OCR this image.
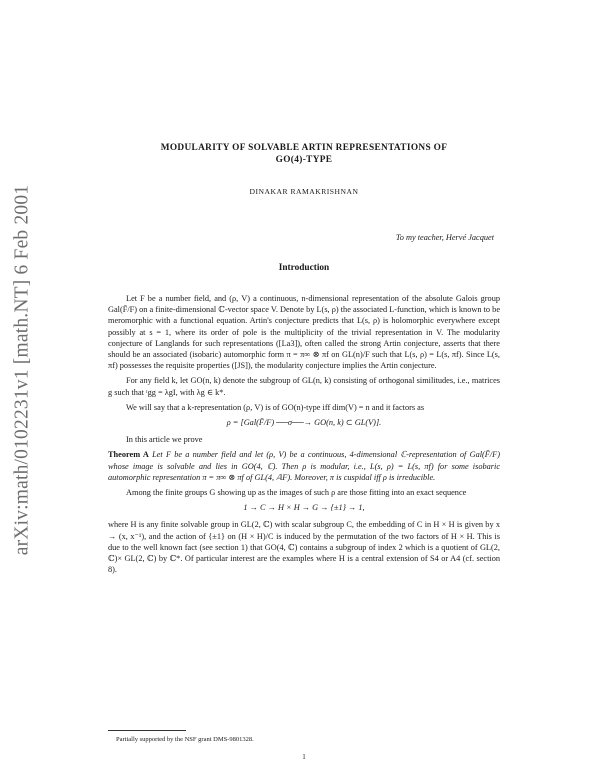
arXiv:math/0102231v1 [math.NT] 6 Feb 2001
MODULARITY OF SOLVABLE ARTIN REPRESENTATIONS OF
GO(4)-TYPE
DINAKAR RAMAKRISHNAN
To my teacher, Hervé Jacquet
Introduction

Let F be a number field, and (ρ, V) a continuous, n-dimensional representation of the absolute Galois group Gal(F̄/F) on a finite-dimensional ℂ-vector space V. Denote by L(s, ρ) the associated L-function, which is known to be meromorphic with a functional equation. Artin's conjecture predicts that L(s, ρ) is holomorphic everywhere except possibly at s = 1, where its order of pole is the multiplicity of the trivial representation in V. The modularity conjecture of Langlands for such representations ([La3]), often called the strong Artin conjecture, asserts that there should be an associated (isobaric) automorphic form π = π∞ ⊗ πf on GL(n)/F such that L(s, ρ) = L(s, πf). Since L(s, πf) possesses the requisite properties ([JS]), the modularity conjecture implies the Artin conjecture.

For any field k, let GO(n, k) denote the subgroup of GL(n, k) consisting of orthogonal similitudes, i.e., matrices g such that ᵗgg = λgI, with λg ∈ k*.

We will say that a k-representation (ρ, V) is of GO(n)-type iff dim(V) = n and it factors as

ρ = [Gal(F̄/F) ──σ──→ GO(n, k) ⊂ GL(V)].

In this article we prove

Theorem A Let F be a number field and let (ρ, V) be a continuous, 4-dimensional ℂ-representation of Gal(F̄/F) whose image is solvable and lies in GO(4, ℂ). Then ρ is modular, i.e., L(s, ρ) = L(s, πf) for some isobaric automorphic representation π = π∞ ⊗ πf of GL(4, 𝔸F). Moreover, π is cuspidal iff ρ is irreducible.

Among the finite groups G showing up as the images of such ρ are those fitting into an exact sequence

1 → C → H × H → G → {±1} → 1,

where H is any finite solvable group in GL(2, ℂ) with scalar subgroup C, the embedding of C in H × H is given by x → (x, x⁻¹), and the action of {±1} on (H × H)/C is induced by the permutation of the two factors of H × H. This is due to the well known fact (see section 1) that GO(4, ℂ) contains a subgroup of index 2 which is a quotient of GL(2, ℂ)× GL(2, ℂ) by ℂ*. Of particular interest are the examples where H is a central extension of S4 or A4 (cf. section 8).

Partially supported by the NSF grant DMS-9801328.
1
